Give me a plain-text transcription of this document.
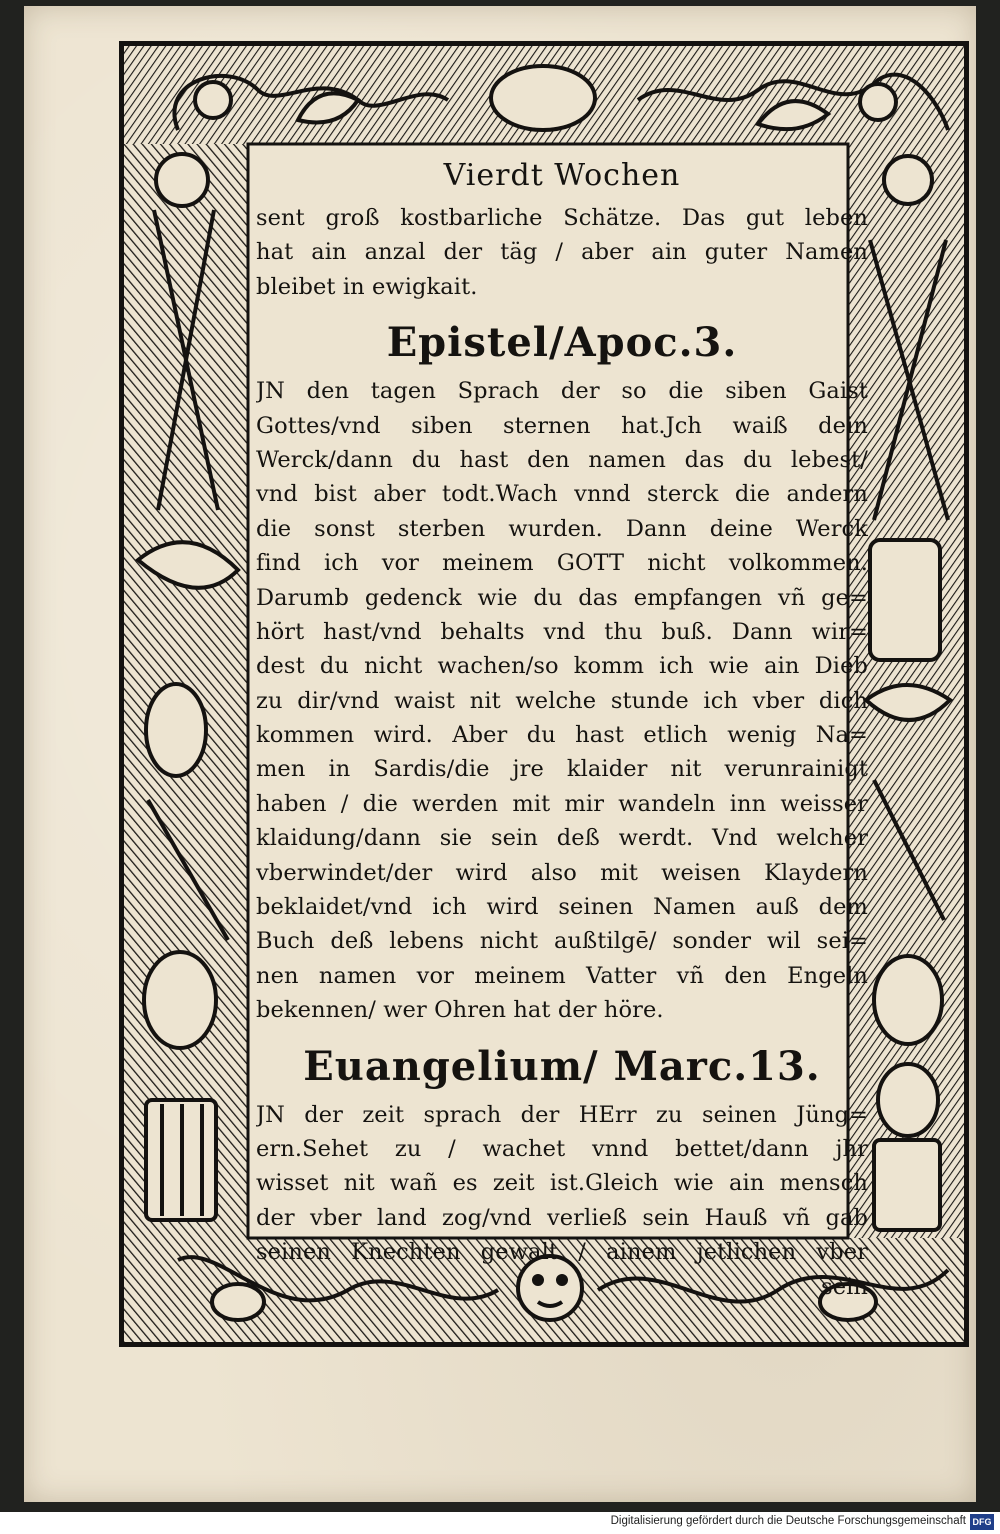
Vierdt Wochen
sent groß kostbarliche Schätze. Das gut leben
hat ain anzal der täg / aber ain guter Namen
bleibet in ewigkait.
Epistel/Apoc.3.
JN den tagen Sprach der so die siben Gaist
Gottes/vnd siben sternen hat.Jch waiß dein
Werck/dann du hast den namen das du lebest/
vnd bist aber todt.Wach vnnd sterck die andern
die sonst sterben wurden. Dann deine Werck
find ich vor meinem GOTT nicht volkommen.
Darumb gedenck wie du das empfangen vñ ge=
hört hast/vnd behalts vnd thu buß. Dann wir=
dest du nicht wachen/so komm ich wie ain Dieb
zu dir/vnd waist nit welche stunde ich vber dich
kommen wird. Aber du hast etlich wenig Na=
men in Sardis/die jre klaider nit verunrainigt
haben / die werden mit mir wandeln inn weisser
klaidung/dann sie sein deß werdt. Vnd welcher
vberwindet/der wird also mit weisen Klaydern
beklaidet/vnd ich wird seinen Namen auß dem
Buch deß lebens nicht außtilgē/ sonder wil sei=
nen namen vor meinem Vatter vñ den Engeln
bekennen/ wer Ohren hat der höre.
Euangelium/ Marc.13.
JN der zeit sprach der HErr zu seinen Jüng=
ern.Sehet zu / wachet vnnd bettet/dann jhr
wisset nit wañ es zeit ist.Gleich wie ain mensch
der vber land zog/vnd verließ sein Hauß vñ gab
seinen Knechten gewalt / ainem jetlichen vber
sein
Digitalisierung gefördert durch die Deutsche Forschungsgemeinschaft DFG
